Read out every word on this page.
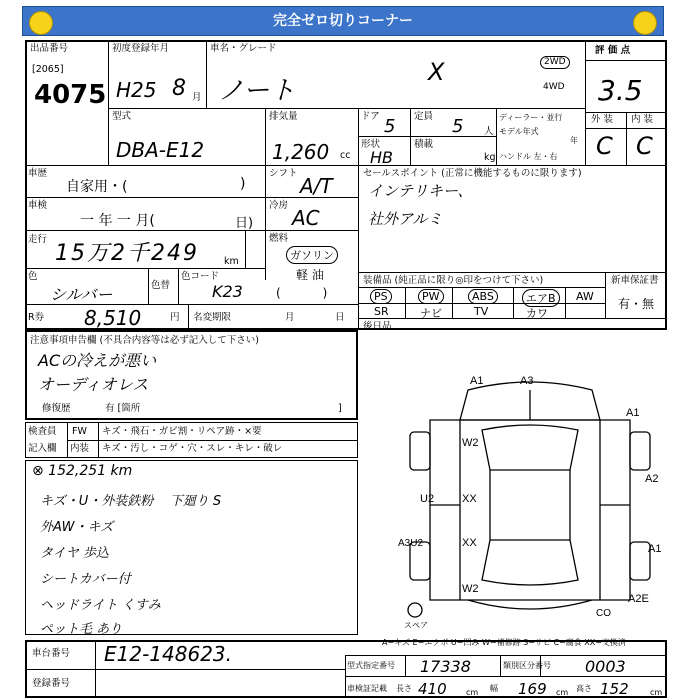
完全ゼロ切りコーナー
出品番号
[2065]
4075
初度登録年月
H25 8 月
車名・グレード
ノート
X	2WD
4WD
評 価 点
3.5
外 装 内 装
C C
型式
DBA-E12
排気量
1,260 cc
ドア 5 定員 5 人
形状
HB
積載
kg
ディーラー・並行
モデル年式
年
ハンドル 左・右
車歴
自家用・(	)
シフト
A/T
車検
一 年 一 月(	日)
冷房
AC
走行
15万2千249	km
燃料
ガソリン
軽 油
(           )
色
シルバー	色替
色コード
K23
R券 8,510	円 名変期限	月	日
セールスポイント (正常に機能するものに限ります)
インテリキー、
社外アルミ
装備品 (純正品に限り◎印をつけて下さい)	新車保証書
有・無
PS	PW	ABS	エアB	AW
SR	ナビ	TV	カワ
後日品
注意事項申告欄 (不具合内容等は必ず記入して下さい)
ACの冷えが悪い
オーディオレス
修復歴	有 [箇所	]
検査員
記入欄
FW キズ・飛石・ガビ割・リペア跡・×要
内装 キズ・汚し・コゲ・穴・スレ・キレ・破レ
⊗ 152,251 km
キズ・U・外装鉄粉    下廻り S
外AW・キズ
タイヤ 歩込
シートカバー付
ヘッドライト くすみ
ペット毛 あり
A1	A3
A1
W2
A2
XX
U2
A3U2	XX	A1
W2
A2E
CO
スペア
A−キズ E−エクボ U−凹み W−補修跡 S−サビ C−腐食 XX−交換済
車台番号 E12-148623.
登録番号
型式指定番号 17338	類別区分番号 0003
車検証記載 長さ 410 cm 幅 169 cm 高さ 152	cm
